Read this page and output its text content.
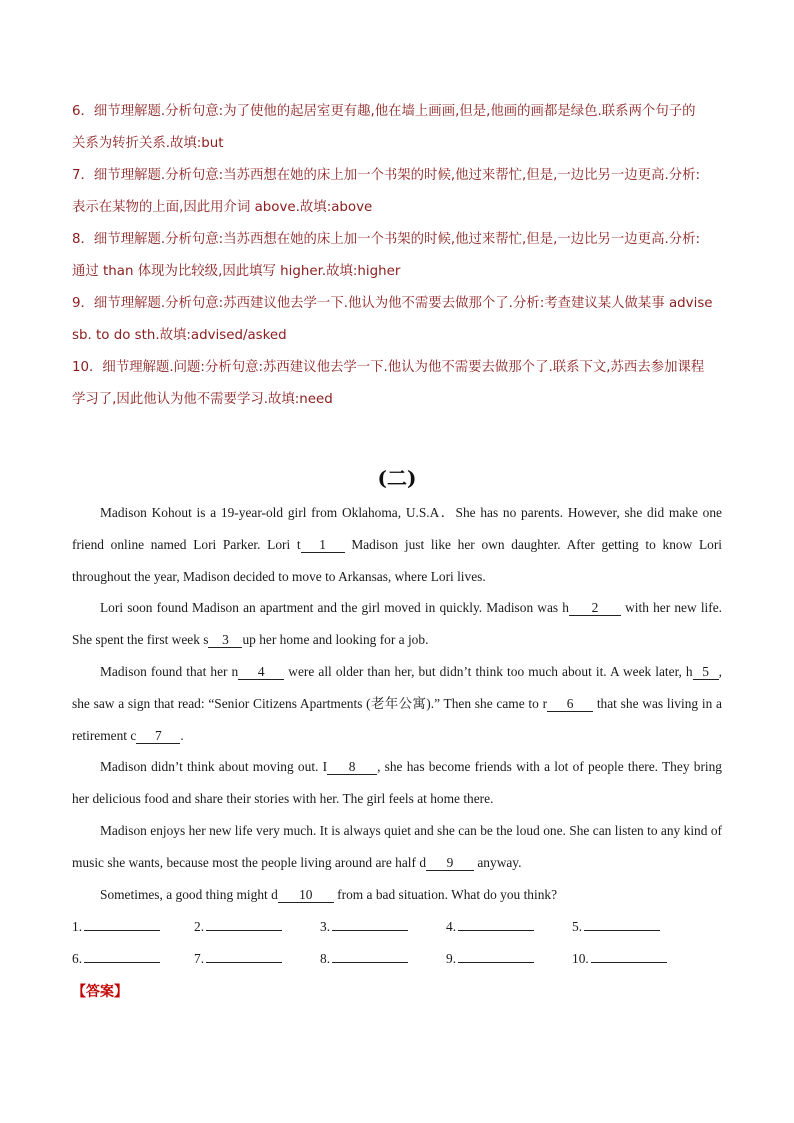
6．细节理解题.分析句意:为了使他的起居室更有趣,他在墙上画画,但是,他画的画都是绿色.联系两个句子的
关系为转折关系.故填:but
7．细节理解题.分析句意:当苏西想在她的床上加一个书架的时候,他过来帮忙,但是,一边比另一边更高.分析:
表示在某物的上面,因此用介词 above.故填:above
8．细节理解题.分析句意:当苏西想在她的床上加一个书架的时候,他过来帮忙,但是,一边比另一边更高.分析:
通过 than 体现为比较级,因此填写 higher.故填:higher
9．细节理解题.分析句意:苏西建议他去学一下.他认为他不需要去做那个了.分析:考查建议某人做某事 advise
sb. to do sth.故填:advised/asked
10．细节理解题.问题:分析句意:苏西建议他去学一下.他认为他不需要去做那个了.联系下文,苏西去参加课程
学习了,因此他认为他不需要学习.故填:need
(二)

Madison Kohout is a 19-year-old girl from Oklahoma, U.S.A．She has no parents. However, she did make one friend online named Lori Parker. Lori t 1 Madison just like her own daughter. After getting to know Lori throughout the year, Madison decided to move to Arkansas, where Lori lives.

Lori soon found Madison an apartment and the girl moved in quickly. Madison was h 2 with her new life. She spent the first week s 3 up her home and looking for a job.

Madison found that her n 4 were all older than her, but didn’t think too much about it. A week later, h 5 , she saw a sign that read: “Senior Citizens Apartments (老年公寓).” Then she came to r 6 that she was living in a retirement c 7 .

Madison didn’t think about moving out. I 8 , she has become friends with a lot of people there. They bring her delicious food and share their stories with her. The girl feels at home there.

Madison enjoys her new life very much. It is always quiet and she can be the loud one. She can listen to any kind of music she wants, because most the people living around are half d 9 anyway.

Sometimes, a good thing might d 10 from a bad situation. What do you think?

1.	2.	3.	4.	5.
6.	7.	8.	9.	10.
【答案】
